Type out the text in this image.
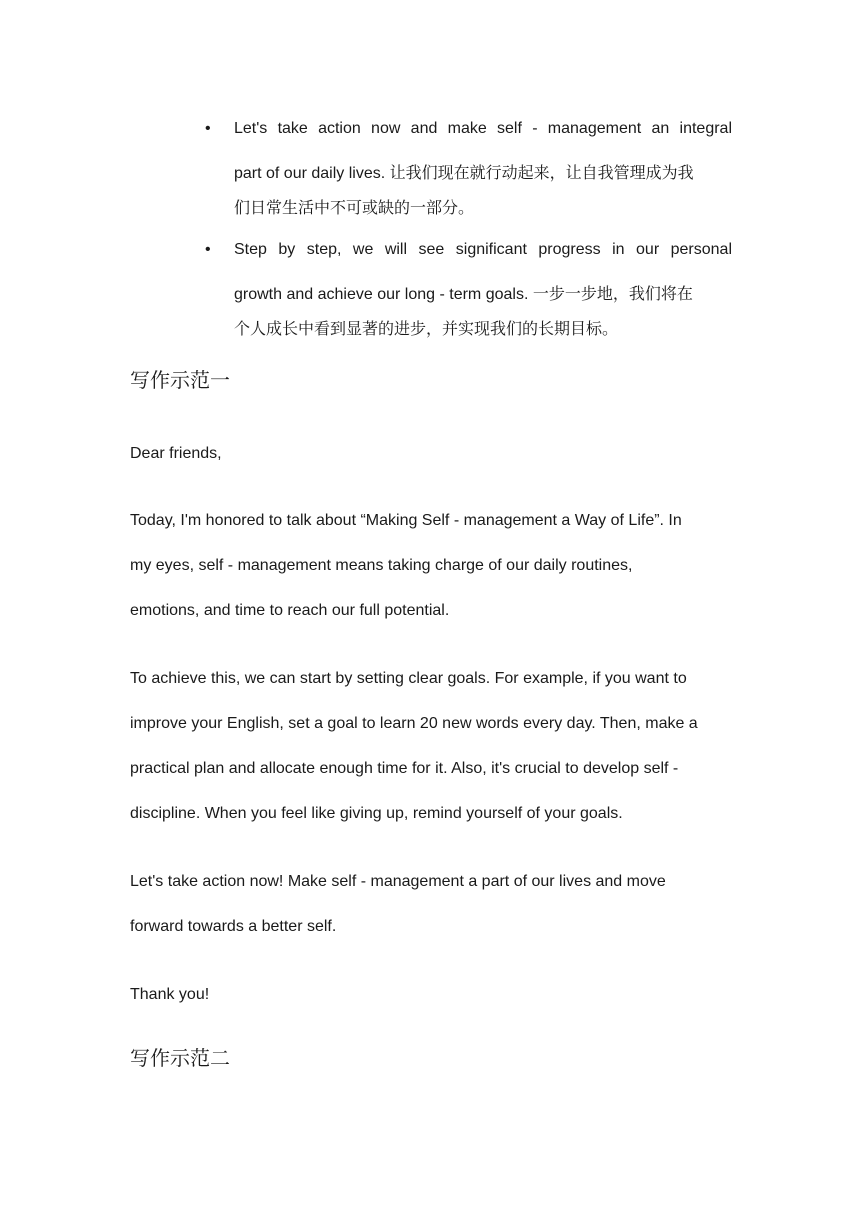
•	Let's take action now and make self - management an integral
part of our daily lives. 让我们现在就行动起来，让自我管理成为我
们日常生活中不可或缺的一部分。
•	Step by step, we will see significant progress in our personal
growth and achieve our long - term goals. 一步一步地，我们将在
个人成长中看到显著的进步，并实现我们的长期目标。
写作示范一
Dear friends,
Today, I'm honored to talk about “Making Self - management a Way of Life”. In
my eyes, self - management means taking charge of our daily routines,
emotions, and time to reach our full potential.
To achieve this, we can start by setting clear goals. For example, if you want to
improve your English, set a goal to learn 20 new words every day. Then, make a
practical plan and allocate enough time for it. Also, it's crucial to develop self -
discipline. When you feel like giving up, remind yourself of your goals.
Let's take action now! Make self - management a part of our lives and move
forward towards a better self.
Thank you!
写作示范二
